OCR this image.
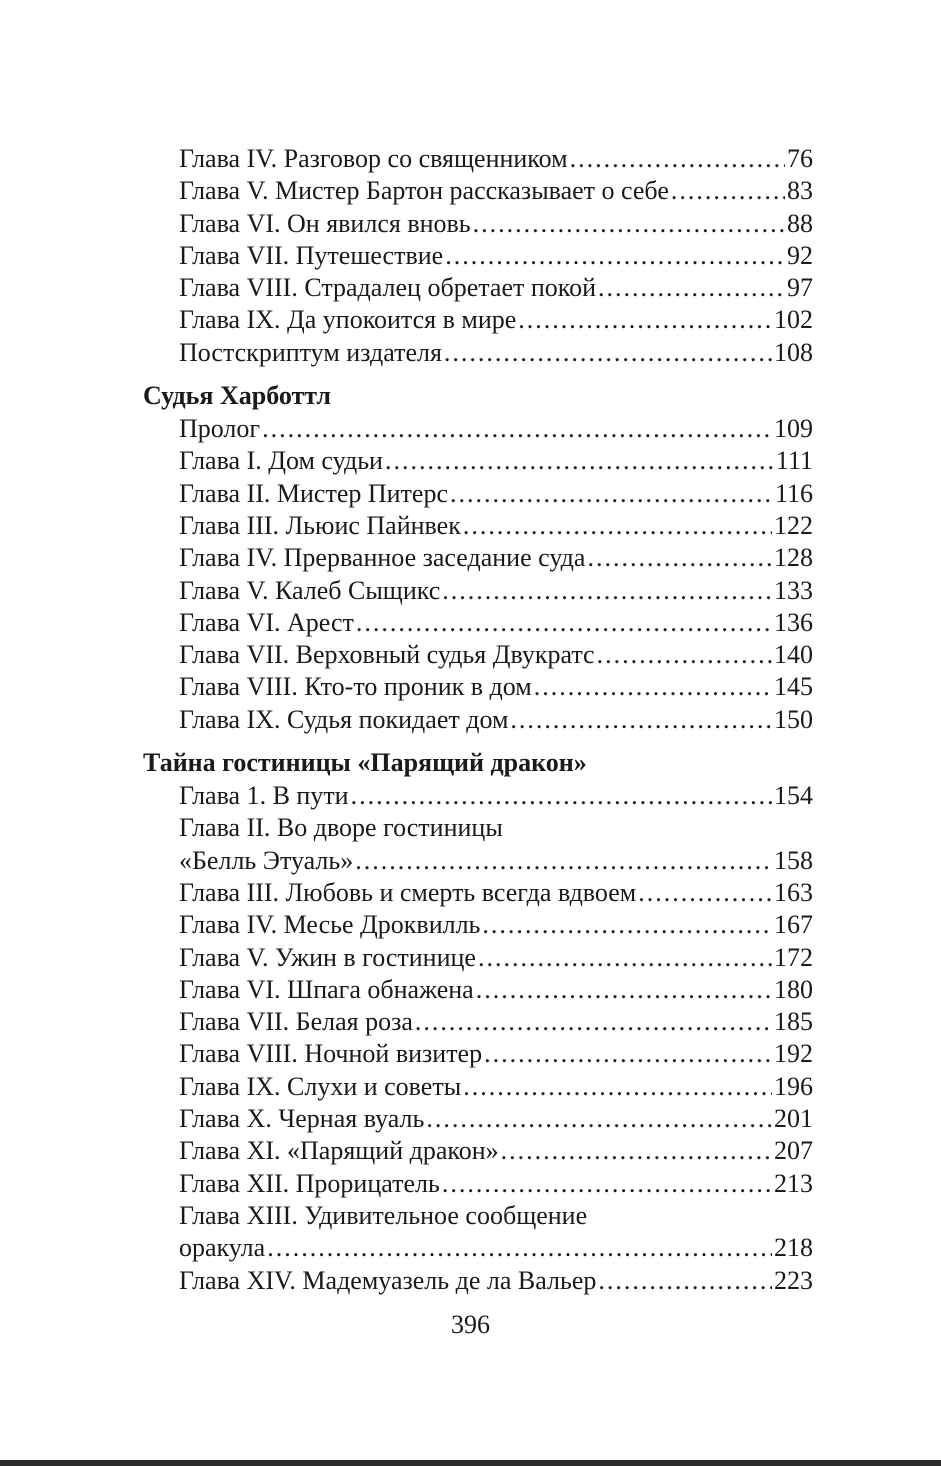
Глава IV. Разговор со священником .....	76
Глава V. Мистер Бартон рассказывает о себе .....	83
Глава VI. Он явился вновь .....	88
Глава VII. Путешествие .....	92
Глава VIII. Страдалец обретает покой .....	97
Глава IX. Да упокоится в мире .....	102
Постскриптум издателя .....	108
Судья Харботтл
Пролог .....	109
Глава I. Дом судьи .....	111
Глава II. Мистер Питерс .....	116
Глава III. Льюис Пайнвек .....	122
Глава IV. Прерванное заседание суда .....	128
Глава V. Калеб Сыщикс .....	133
Глава VI. Арест .....	136
Глава VII. Верховный судья Двукратс .....	140
Глава VIII. Кто-то проник в дом .....	145
Глава IX. Судья покидает дом .....	150
Тайна гостиницы «Парящий дракон»
Глава 1. В пути .....	154
Глава II. Во дворе гостиницы
«Белль Этуаль» .....	158
Глава III. Любовь и смерть всегда вдвоем .....	163
Глава IV. Месье Дроквилль .....	167
Глава V. Ужин в гостинице .....	172
Глава VI. Шпага обнажена .....	180
Глава VII. Белая роза .....	185
Глава VIII. Ночной визитер .....	192
Глава IX. Слухи и советы .....	196
Глава X. Черная вуаль .....	201
Глава XI. «Парящий дракон» .....	207
Глава XII. Прорицатель .....	213
Глава XIII. Удивительное сообщение
оракула .....	218
Глава XIV. Мадемуазель де ла Вальер .....	223
396
